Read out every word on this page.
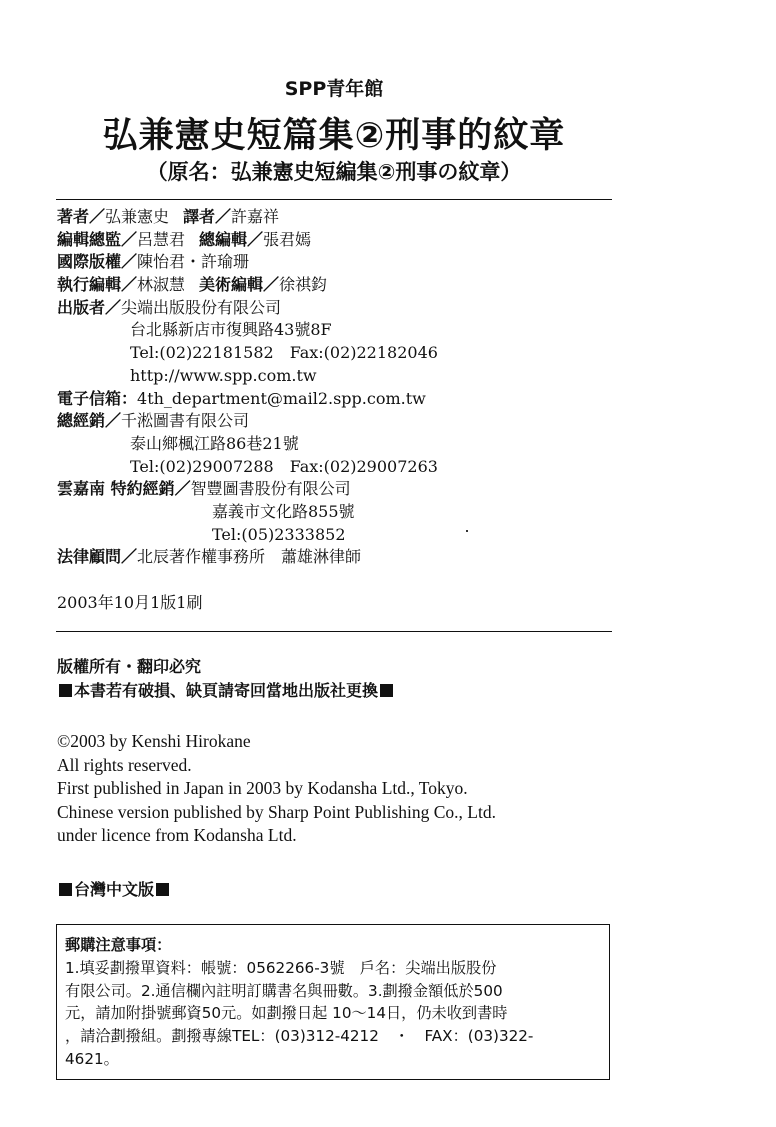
SPP青年館
弘兼憲史短篇集②刑事的紋章
（原名：弘兼憲史短編集②刑事の紋章）
著者／弘兼憲史 譯者／許嘉祥
編輯總監／呂慧君 總編輯／張君嫣
國際版權／陳怡君・許瑜珊
執行編輯／林淑慧 美術編輯／徐祺鈞
出版者／尖端出版股份有限公司
台北縣新店市復興路43號8F
Tel:(02)22181582　Fax:(02)22182046
http://www.spp.com.tw
電子信箱：4th_department@mail2.spp.com.tw
總經銷／千淞圖書有限公司
泰山鄉楓江路86巷21號
Tel:(02)29007288　Fax:(02)29007263
雲嘉南 特約經銷／智豐圖書股份有限公司
嘉義市文化路855號
Tel:(05)2333852
法律顧問／北辰著作權事務所　蕭雄淋律師
2003年10月1版1刷
版權所有・翻印必究
本書若有破損、缺頁請寄回當地出版社更換
©2003 by Kenshi Hirokane
All rights reserved.
First published in Japan in 2003 by Kodansha Ltd., Tokyo.
Chinese version published by Sharp Point Publishing Co., Ltd.
under licence from Kodansha Ltd.
台灣中文版
郵購注意事項：
1.填妥劃撥單資料：帳號：0562266-3號　戶名：尖端出版股份
有限公司。2.通信欄內註明訂購書名與冊數。3.劃撥金額低於500
元，請加附掛號郵資50元。如劃撥日起 10～14日，仍未收到書時
，請洽劃撥組。劃撥專線TEL：(03)312-4212　・　FAX：(03)322-
4621。
